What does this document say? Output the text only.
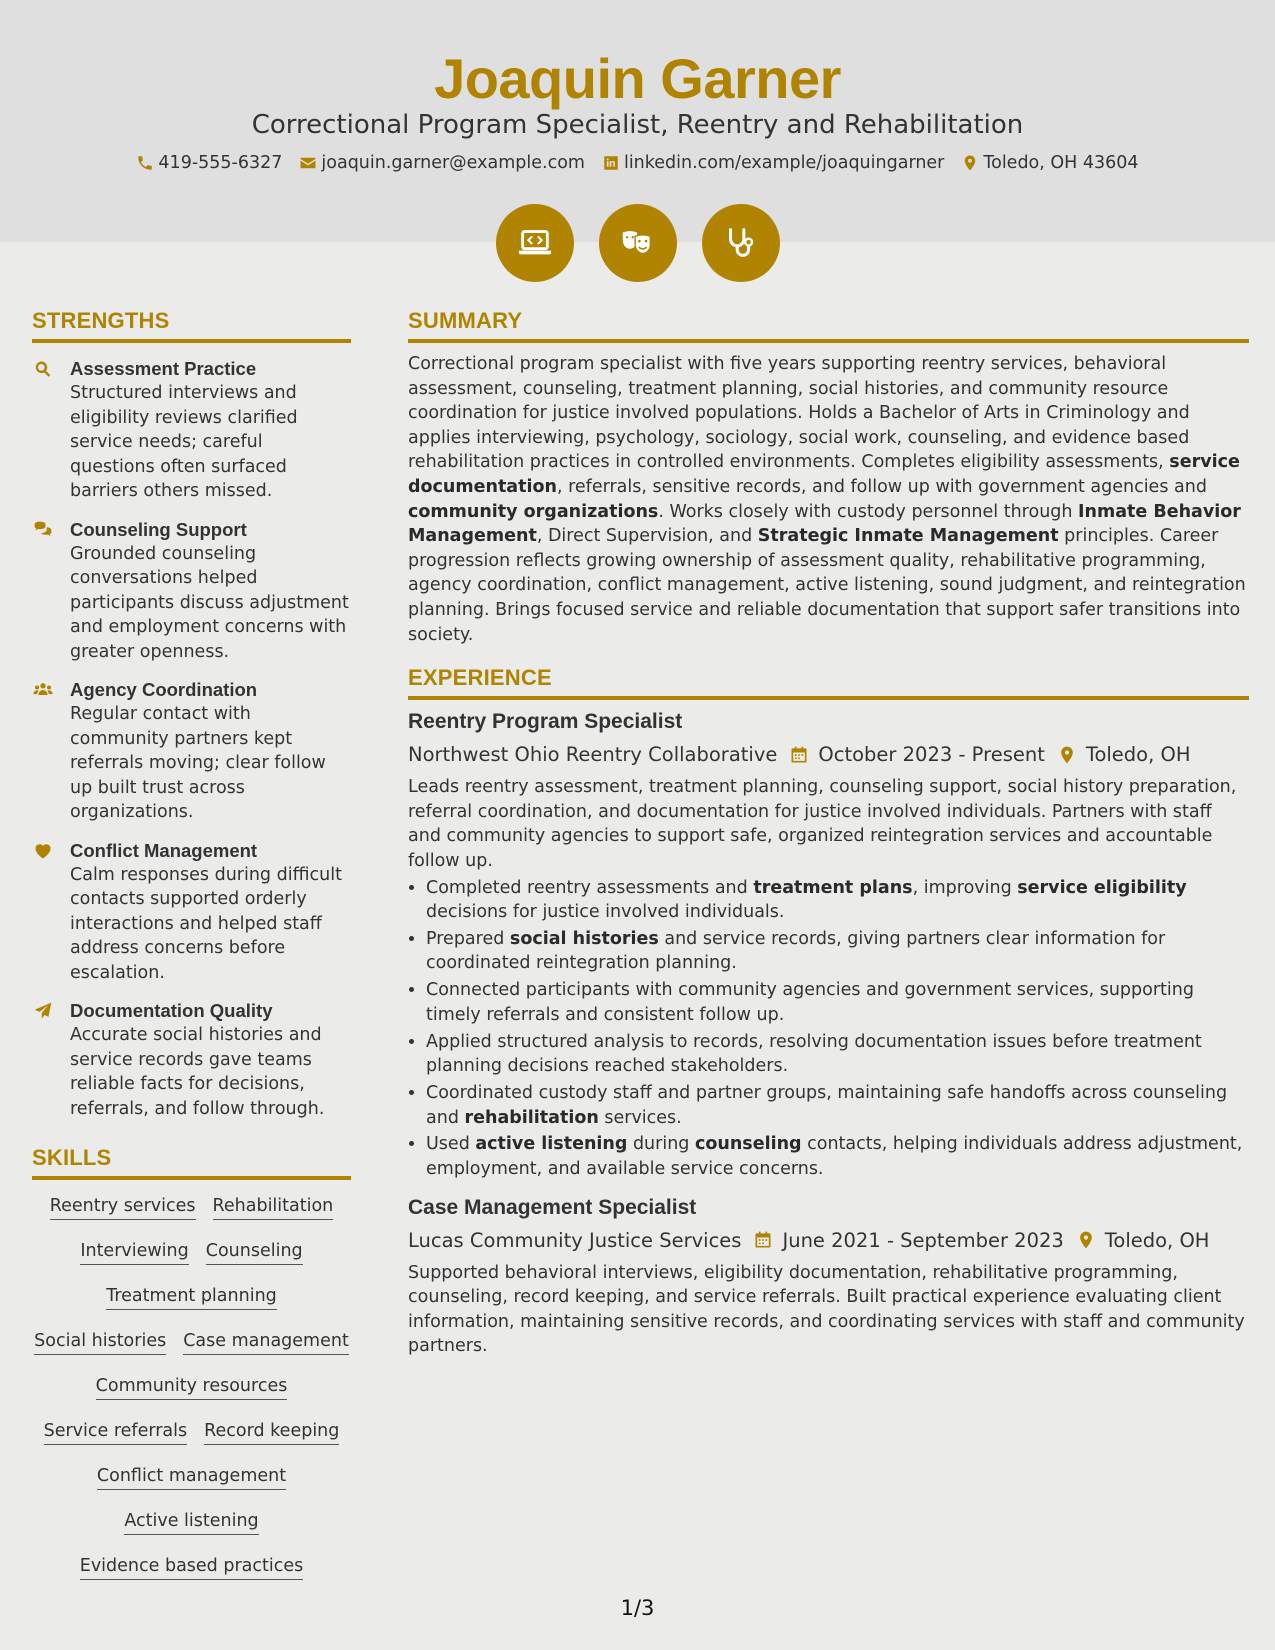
Joaquin Garner
Correctional Program Specialist, Reentry and Rehabilitation
419-555-6327 joaquin.garner@example.com linkedin.com/example/joaquingarner Toledo, OH 43604
STRENGTHS
Assessment Practice
Structured interviews and eligibility reviews clarified service needs; careful questions often surfaced barriers others missed.
Counseling Support
Grounded counseling conversations helped participants discuss adjustment and employment concerns with greater openness.
Agency Coordination
Regular contact with community partners kept referrals moving; clear follow up built trust across organizations.
Conflict Management
Calm responses during difficult contacts supported orderly interactions and helped staff address concerns before escalation.
Documentation Quality
Accurate social histories and service records gave teams reliable facts for decisions, referrals, and follow through.
SKILLS
Reentry services Rehabilitation
Interviewing Counseling
Treatment planning
Social histories Case management
Community resources
Service referrals Record keeping
Conflict management
Active listening
Evidence based practices
SUMMARY
Correctional program specialist with five years supporting reentry services, behavioral assessment, counseling, treatment planning, social histories, and community resource coordination for justice involved populations. Holds a Bachelor of Arts in Criminology and applies interviewing, psychology, sociology, social work, counseling, and evidence based rehabilitation practices in controlled environments. Completes eligibility assessments, service documentation, referrals, sensitive records, and follow up with government agencies and community organizations. Works closely with custody personnel through Inmate Behavior Management, Direct Supervision, and Strategic Inmate Management principles. Career progression reflects growing ownership of assessment quality, rehabilitative programming, agency coordination, conflict management, active listening, sound judgment, and reintegration planning. Brings focused service and reliable documentation that support safer transitions into society.
EXPERIENCE
Reentry Program Specialist
Northwest Ohio Reentry Collaborative October 2023 - Present Toledo, OH
Leads reentry assessment, treatment planning, counseling support, social history preparation, referral coordination, and documentation for justice involved individuals. Partners with staff and community agencies to support safe, organized reintegration services and accountable follow up.
• Completed reentry assessments and treatment plans, improving service eligibility decisions for justice involved individuals.
• Prepared social histories and service records, giving partners clear information for coordinated reintegration planning.
• Connected participants with community agencies and government services, supporting timely referrals and consistent follow up.
• Applied structured analysis to records, resolving documentation issues before treatment planning decisions reached stakeholders.
• Coordinated custody staff and partner groups, maintaining safe handoffs across counseling and rehabilitation services.
• Used active listening during counseling contacts, helping individuals address adjustment, employment, and available service concerns.
Case Management Specialist
Lucas Community Justice Services June 2021 - September 2023 Toledo, OH
Supported behavioral interviews, eligibility documentation, rehabilitative programming, counseling, record keeping, and service referrals. Built practical experience evaluating client information, maintaining sensitive records, and coordinating services with staff and community partners.
1/3
